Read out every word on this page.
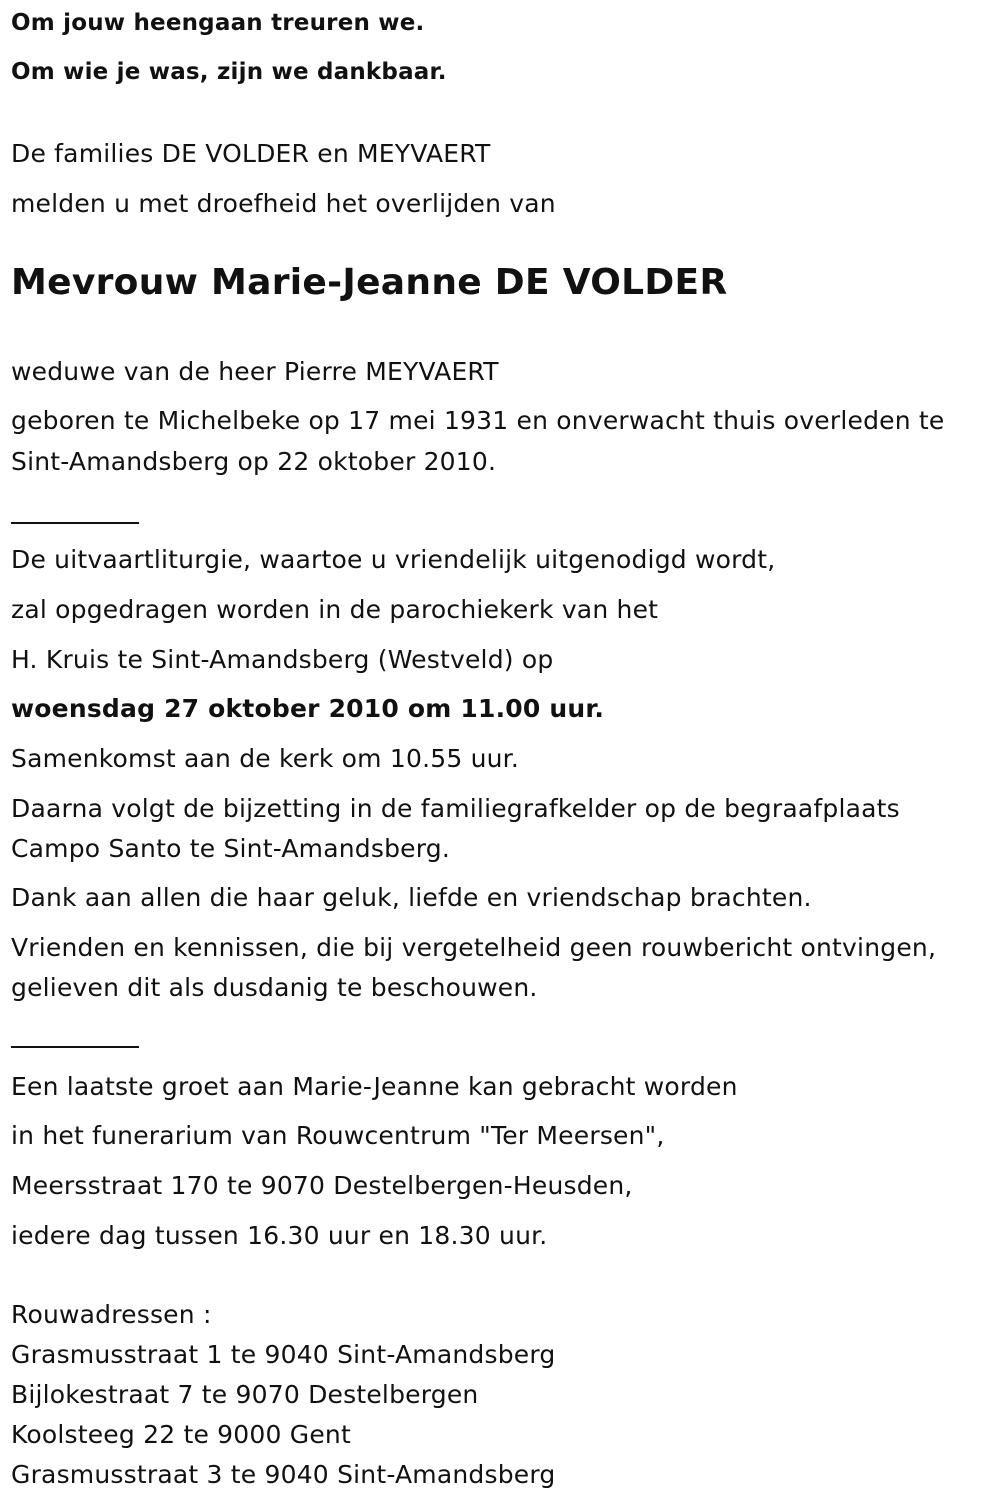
Om jouw heengaan treuren we.

Om wie je was, zijn we dankbaar.

De families DE VOLDER en MEYVAERT

melden u met droefheid het overlijden van

Mevrouw Marie-Jeanne DE VOLDER

weduwe van de heer Pierre MEYVAERT

geboren te Michelbeke op 17 mei 1931 en onverwacht thuis overleden te

Sint-Amandsberg op 22 oktober 2010.

De uitvaartliturgie, waartoe u vriendelijk uitgenodigd wordt,

zal opgedragen worden in de parochiekerk van het

H. Kruis te Sint-Amandsberg (Westveld) op

woensdag 27 oktober 2010 om 11.00 uur.

Samenkomst aan de kerk om 10.55 uur.

Daarna volgt de bijzetting in de familiegrafkelder op de begraafplaats

Campo Santo te Sint-Amandsberg.

Dank aan allen die haar geluk, liefde en vriendschap brachten.

Vrienden en kennissen, die bij vergetelheid geen rouwbericht ontvingen,

gelieven dit als dusdanig te beschouwen.

Een laatste groet aan Marie-Jeanne kan gebracht worden

in het funerarium van Rouwcentrum "Ter Meersen",

Meersstraat 170 te 9070 Destelbergen-Heusden,

iedere dag tussen 16.30 uur en 18.30 uur.

Rouwadressen :

Grasmusstraat 1 te 9040 Sint-Amandsberg

Bijlokestraat 7 te 9070 Destelbergen

Koolsteeg 22 te 9000 Gent

Grasmusstraat 3 te 9040 Sint-Amandsberg
